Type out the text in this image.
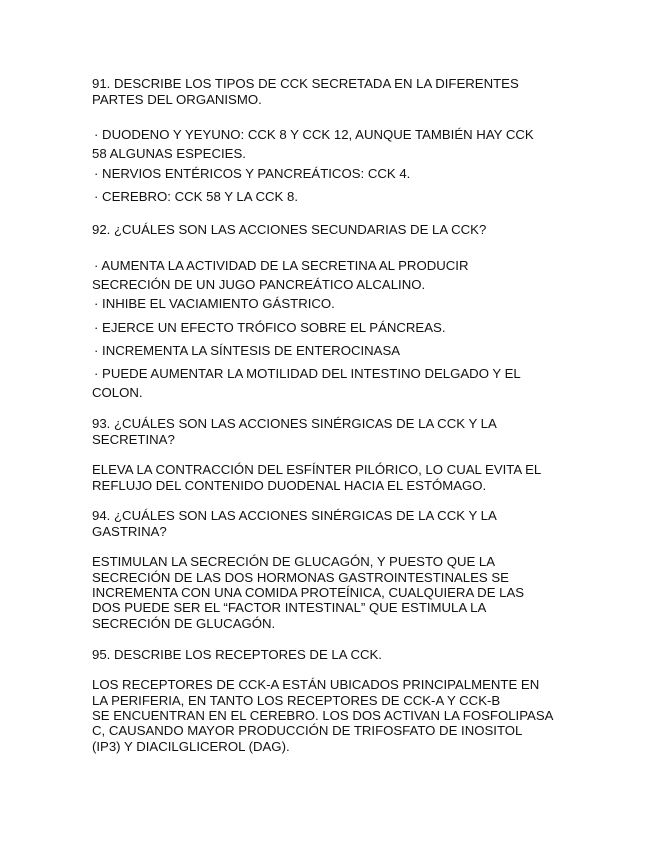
91. DESCRIBE LOS TIPOS DE CCK SECRETADA EN LA DIFERENTES
PARTES DEL ORGANISMO.
· DUODENO Y YEYUNO: CCK 8 Y CCK 12, AUNQUE TAMBIÉN HAY CCK
58 ALGUNAS ESPECIES.
· NERVIOS ENTÉRICOS Y PANCREÁTICOS: CCK 4.
· CEREBRO: CCK 58 Y LA CCK 8.
92. ¿CUÁLES SON LAS ACCIONES SECUNDARIAS DE LA CCK?
· AUMENTA LA ACTIVIDAD DE LA SECRETINA AL PRODUCIR
SECRECIÓN DE UN JUGO PANCREÁTICO ALCALINO.
· INHIBE EL VACIAMIENTO GÁSTRICO.
· EJERCE UN EFECTO TRÓFICO SOBRE EL PÁNCREAS.
· INCREMENTA LA SÍNTESIS DE ENTEROCINASA
· PUEDE AUMENTAR LA MOTILIDAD DEL INTESTINO DELGADO Y EL
COLON.
93. ¿CUÁLES SON LAS ACCIONES SINÉRGICAS DE LA CCK Y LA
SECRETINA?
ELEVA LA CONTRACCIÓN DEL ESFÍNTER PILÓRICO, LO CUAL EVITA EL
REFLUJO DEL CONTENIDO DUODENAL HACIA EL ESTÓMAGO.
94. ¿CUÁLES SON LAS ACCIONES SINÉRGICAS DE LA CCK Y LA
GASTRINA?
ESTIMULAN LA SECRECIÓN DE GLUCAGÓN, Y PUESTO QUE LA
SECRECIÓN DE LAS DOS HORMONAS GASTROINTESTINALES SE
INCREMENTA CON UNA COMIDA PROTEÍNICA, CUALQUIERA DE LAS
DOS PUEDE SER EL “FACTOR INTESTINAL” QUE ESTIMULA LA
SECRECIÓN DE GLUCAGÓN.
95. DESCRIBE LOS RECEPTORES DE LA CCK.
LOS RECEPTORES DE CCK-A ESTÁN UBICADOS PRINCIPALMENTE EN
LA PERIFERIA, EN TANTO LOS RECEPTORES DE CCK-A Y CCK-B
SE ENCUENTRAN EN EL CEREBRO. LOS DOS ACTIVAN LA FOSFOLIPASA
C, CAUSANDO MAYOR PRODUCCIÓN DE TRIFOSFATO DE INOSITOL
(IP3) Y DIACILGLICEROL (DAG).
